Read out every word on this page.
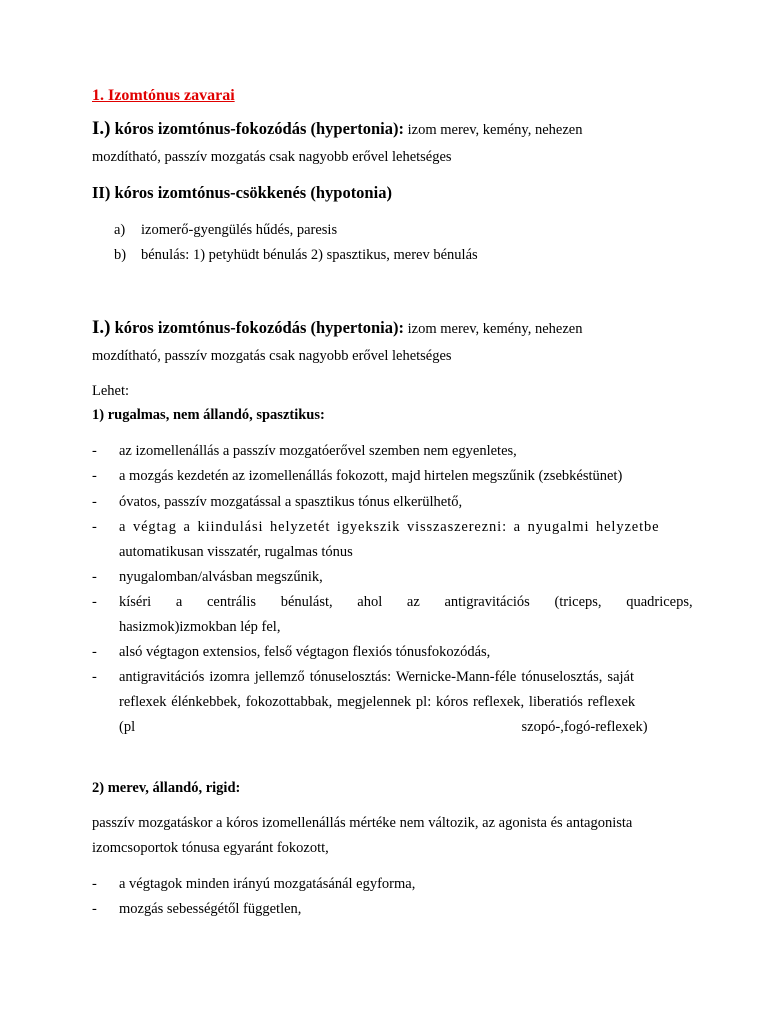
1. Izomtónus zavarai
I.) kóros izomtónus-fokozódás (hypertonia): izom merev, kemény, nehezen
mozdítható, passzív mozgatás csak nagyobb erővel lehetséges
II) kóros izomtónus-csökkenés (hypotonia)
a) izomerő-gyengülés hűdés, paresis
b) bénulás: 1) petyhüdt bénulás 2) spasztikus, merev bénulás
I.) kóros izomtónus-fokozódás (hypertonia): izom merev, kemény, nehezen
mozdítható, passzív mozgatás csak nagyobb erővel lehetséges
Lehet:
1) rugalmas, nem állandó, spasztikus:
- az izomellenállás a passzív mozgatóerővel szemben nem egyenletes,
- a mozgás kezdetén az izomellenállás fokozott, majd hirtelen megszűnik (zsebkéstünet)
- óvatos, passzív mozgatással a spasztikus tónus elkerülhető,
- a végtag a kiindulási helyzetét igyekszik visszaszerezni: a nyugalmi helyzetbe
automatikusan visszatér, rugalmas tónus
- nyugalomban/alvásban megszűnik,
- kíséri a centrális bénulást, ahol az antigravitációs (triceps, quadriceps,
hasizmok)izmokban lép fel,
- alsó végtagon extensios, felső végtagon flexiós tónusfokozódás,
- antigravitációs izomra jellemző tónuselosztás: Wernicke-Mann-féle tónuselosztás, saját
reflexek élénkebbek, fokozottabbak, megjelennek pl: kóros reflexek, liberatiós reflexek
(pl szopó-,fogó-reflexek)
2) merev, állandó, rigid:
passzív mozgatáskor a kóros izomellenállás mértéke nem változik, az agonista és antagonista
izomcsoportok tónusa egyaránt fokozott,
- a végtagok minden irányú mozgatásánál egyforma,
- mozgás sebességétől független,
